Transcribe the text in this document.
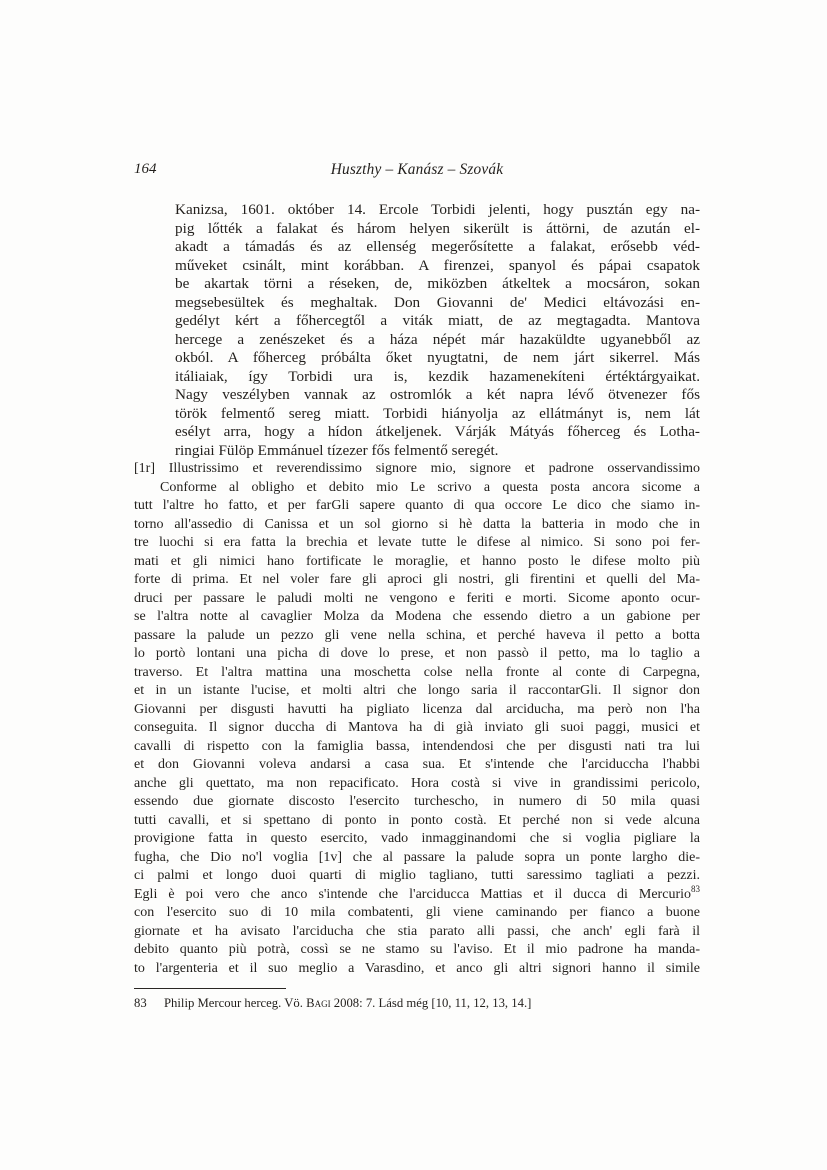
164	Huszthy – Kanász – Szovák
Kanizsa, 1601. október 14. Ercole Torbidi jelenti, hogy pusztán egy na-
pig lőtték a falakat és három helyen sikerült is áttörni, de azután el-
akadt a támadás és az ellenség megerősítette a falakat, erősebb véd-
műveket csinált, mint korábban. A firenzei, spanyol és pápai csapatok
be akartak törni a réseken, de, miközben átkeltek a mocsáron, sokan
megsebesültek és meghaltak. Don Giovanni de' Medici eltávozási en-
gedélyt kért a főhercegtől a viták miatt, de az megtagadta. Mantova
hercege a zenészeket és a háza népét már hazaküldte ugyanebből az
okból. A főherceg próbálta őket nyugtatni, de nem járt sikerrel. Más
itáliaiak, így Torbidi ura is, kezdik hazamenekíteni értéktárgyaikat.
Nagy veszélyben vannak az ostromlók a két napra lévő ötvenezer fős
török felmentő sereg miatt. Torbidi hiányolja az ellátmányt is, nem lát
esélyt arra, hogy a hídon átkeljenek. Várják Mátyás főherceg és Lotha-
ringiai Fülöp Emmánuel tízezer fős felmentő seregét.
[1r] Illustrissimo et reverendissimo signore mio, signore et padrone osservandissimo
Conforme al obligho et debito mio Le scrivo a questa posta ancora sicome a
tutt l'altre ho fatto, et per farGli sapere quanto di qua occore Le dico che siamo in-
torno all'assedio di Canissa et un sol giorno si hè datta la batteria in modo che in
tre luochi si era fatta la brechia et levate tutte le difese al nimico. Si sono poi fer-
mati et gli nimici hano fortificate le moraglie, et hanno posto le difese molto più
forte di prima. Et nel voler fare gli aproci gli nostri, gli firentini et quelli del Ma-
druci per passare le paludi molti ne vengono e feriti e morti. Sicome aponto ocur-
se l'altra notte al cavaglier Molza da Modena che essendo dietro a un gabione per
passare la palude un pezzo gli vene nella schina, et perché haveva il petto a botta
lo portò lontani una picha di dove lo prese, et non passò il petto, ma lo taglio a
traverso. Et l'altra mattina una moschetta colse nella fronte al conte di Carpegna,
et in un istante l'ucise, et molti altri che longo saria il raccontarGli. Il signor don
Giovanni per disgusti havutti ha pigliato licenza dal arciducha, ma però non l'ha
conseguita. Il signor duccha di Mantova ha di già inviato gli suoi paggi, musici et
cavalli di rispetto con la famiglia bassa, intendendosi che per disgusti nati tra lui
et don Giovanni voleva andarsi a casa sua. Et s'intende che l'arciduccha l'habbi
anche gli quettato, ma non repacificato. Hora costà si vive in grandissimi pericolo,
essendo due giornate discosto l'esercito turchescho, in numero di 50 mila quasi
tutti cavalli, et si spettano di ponto in ponto costà. Et perché non si vede alcuna
provigione fatta in questo esercito, vado inmagginandomi che si voglia pigliare la
fugha, che Dio no'l voglia [1v] che al passare la palude sopra un ponte largho die-
ci palmi et longo duoi quarti di miglio tagliano, tutti saressimo tagliati a pezzi.
Egli è poi vero che anco s'intende che l'arciducca Mattias et il ducca di Mercurio$^{83}$
con l'esercito suo di 10 mila combatenti, gli viene caminando per fianco a buone
giornate et ha avisato l'arciducha che stia parato alli passi, che anch' egli farà il
debito quanto più potrà, cossì se ne stamo su l'aviso. Et il mio padrone ha manda-
to l'argenteria et il suo meglio a Varasdino, et anco gli altri signori hanno il simile
83	Philip Mercour herceg. Vö. Bagi 2008: 7. Lásd még [10, 11, 12, 13, 14.]
